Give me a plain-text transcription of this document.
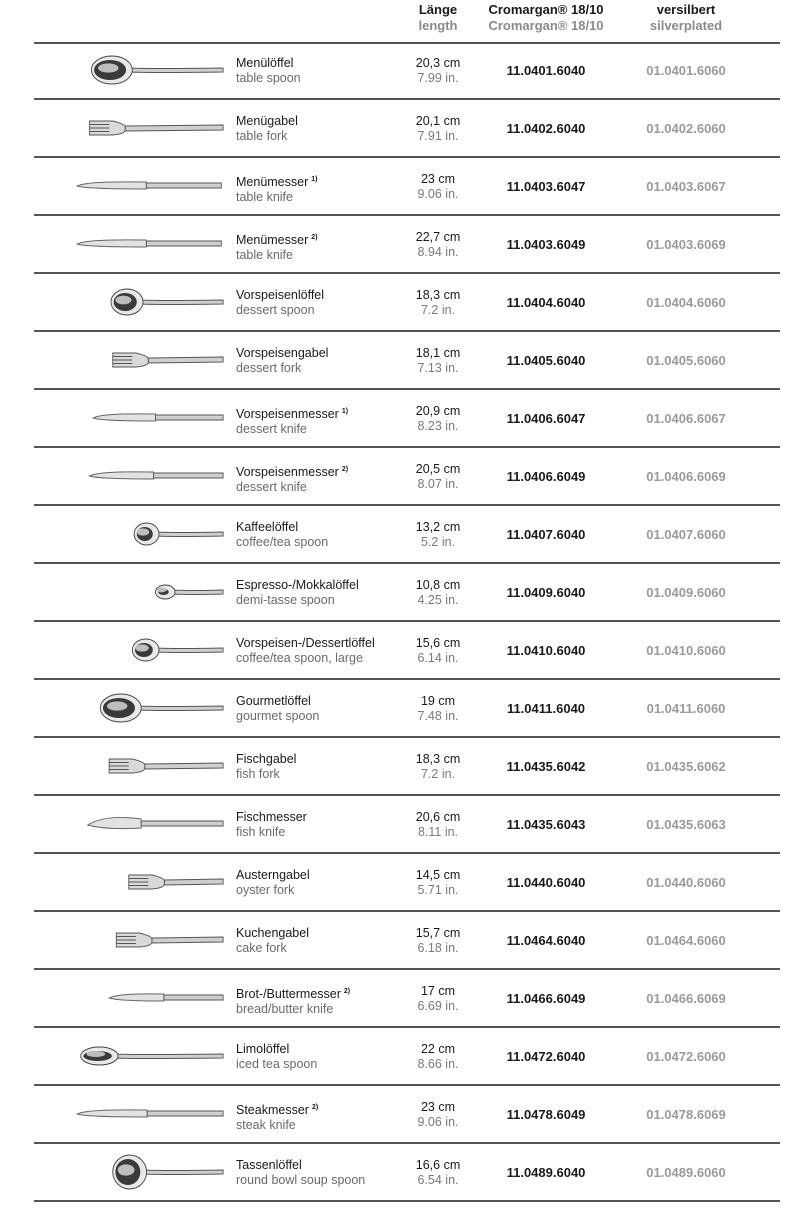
Länge
length
Cromargan® 18/10
Cromargan® 18/10
versilbert
silverplated
Menülöffel
table spoon
20,3 cm
7.99 in.	11.0401.6040	01.0401.6060
Menügabel
table fork
20,1 cm
7.91 in.	11.0402.6040	01.0402.6060
Menümesser $^{1)}$
table knife
23 cm
9.06 in.	11.0403.6047	01.0403.6067
Menümesser $^{2)}$
table knife
22,7 cm
8.94 in.	11.0403.6049	01.0403.6069
Vorspeisenlöffel
dessert spoon
18,3 cm
7.2 in.	11.0404.6040	01.0404.6060
Vorspeisengabel
dessert fork
18,1 cm
7.13 in.	11.0405.6040	01.0405.6060
Vorspeisenmesser $^{1)}$
dessert knife
20,9 cm
8.23 in.	11.0406.6047	01.0406.6067
Vorspeisenmesser $^{2)}$
dessert knife
20,5 cm
8.07 in.	11.0406.6049	01.0406.6069
Kaffeelöffel
coffee/tea spoon
13,2 cm
5.2 in.	11.0407.6040	01.0407.6060
Espresso-/Mokkalöffel
demi-tasse spoon
10,8 cm
4.25 in.	11.0409.6040	01.0409.6060
Vorspeisen-/Dessertlöffel
coffee/tea spoon, large
15,6 cm
6.14 in.	11.0410.6040	01.0410.6060
Gourmetlöffel
gourmet spoon
19 cm
7.48 in.	11.0411.6040	01.0411.6060
Fischgabel
fish fork
18,3 cm
7.2 in.	11.0435.6042	01.0435.6062
Fischmesser
fish knife
20,6 cm
8.11 in.	11.0435.6043	01.0435.6063
Austerngabel
oyster fork
14,5 cm
5.71 in.	11.0440.6040	01.0440.6060
Kuchengabel
cake fork
15,7 cm
6.18 in.	11.0464.6040	01.0464.6060
Brot-/Buttermesser $^{2)}$
bread/butter knife
17 cm
6.69 in.	11.0466.6049	01.0466.6069
Limolöffel
iced tea spoon
22 cm
8.66 in.	11.0472.6040	01.0472.6060
Steakmesser $^{2)}$
steak knife
23 cm
9.06 in.	11.0478.6049	01.0478.6069
Tassenlöffel
round bowl soup spoon
16,6 cm
6.54 in.	11.0489.6040	01.0489.6060
